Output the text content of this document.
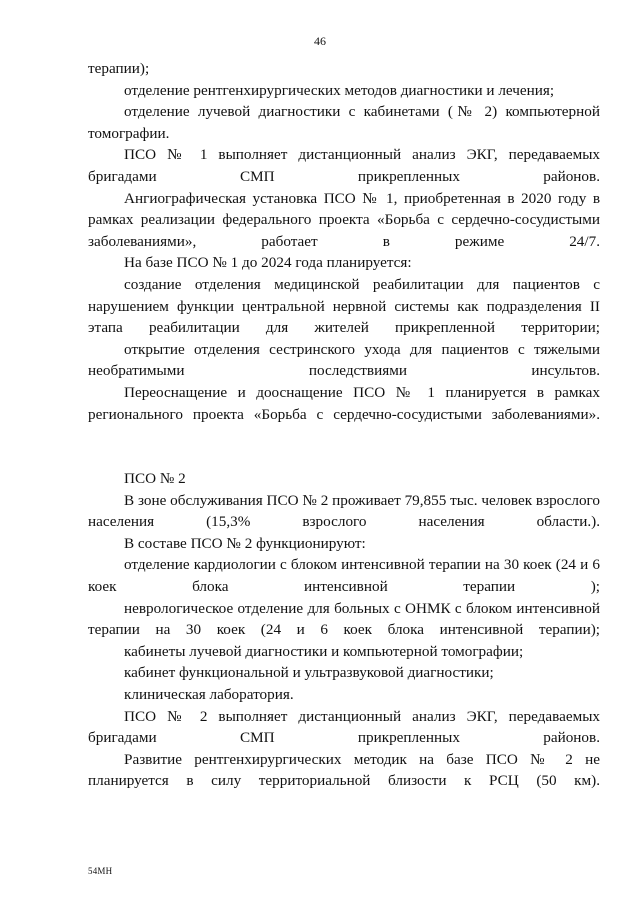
46

терапии);

отделение рентгенхирургических методов диагностики и лечения;

отделение лучевой диагностики с кабинетами (№ 2) компьютерной томографии.

ПСО № 1 выполняет дистанционный анализ ЭКГ, передаваемых бригадами СМП прикрепленных районов.

Ангиографическая установка ПСО № 1, приобретенная в 2020 году в рамках реализации федерального проекта «Борьба с сердечно-сосудистыми заболеваниями», работает в режиме 24/7.

На базе ПСО № 1 до 2024 года планируется:

создание отделения медицинской реабилитации для пациентов с нарушением функции центральной нервной системы как подразделения II этапа реабилитации для жителей прикрепленной территории;

открытие отделения сестринского ухода для пациентов с тяжелыми необратимыми последствиями инсультов.

Переоснащение и дооснащение ПСО № 1 планируется в рамках регионального проекта «Борьба с сердечно-сосудистыми заболеваниями».

ПСО № 2

В зоне обслуживания ПСО № 2 проживает 79,855 тыс. человек взрослого населения (15,3% взрослого населения области.).

В составе ПСО № 2 функционируют:

отделение кардиологии с блоком интенсивной терапии на 30 коек (24 и 6 коек блока интенсивной терапии );

неврологическое отделение для больных с ОНМК с блоком интенсивной терапии на 30 коек (24 и 6 коек блока интенсивной терапии);

кабинеты лучевой диагностики и компьютерной томографии;

кабинет функциональной и ультразвуковой диагностики;

клиническая лаборатория.

ПСО № 2 выполняет дистанционный анализ ЭКГ, передаваемых бригадами СМП прикрепленных районов.

Развитие рентгенхирургических методик на базе ПСО № 2 не планируется в силу территориальной близости к РСЦ (50 км).

54МН
